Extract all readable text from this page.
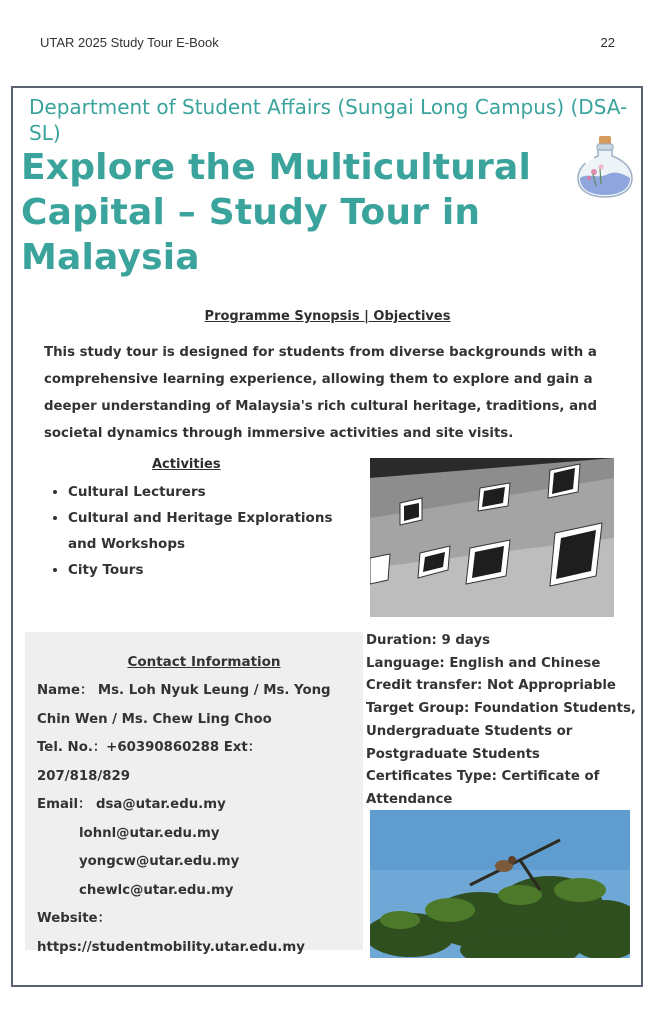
UTAR 2025 Study Tour E-Book	22
Department of Student Affairs (Sungai Long Campus) (DSA-SL)
Explore the Multicultural Capital – Study Tour in Malaysia
Programme Synopsis | Objectives
This study tour is designed for students from diverse backgrounds with a comprehensive learning experience, allowing them to explore and gain a deeper understanding of Malaysia's rich cultural heritage, traditions, and societal dynamics through immersive activities and site visits.
Activities
• Cultural Lecturers
• Cultural and Heritage Explorations and Workshops
• City Tours
Contact Information
Name： Ms. Loh Nyuk Leung / Ms. Yong Chin Wen / Ms. Chew Ling Choo
Tel. No.：+60390860288 Ext： 207/818/829
Email： dsa@utar.edu.my
lohnl@utar.edu.my
yongcw@utar.edu.my
chewlc@utar.edu.my
Website：
https://studentmobility.utar.edu.my
Duration: 9 days
Language: English and Chinese
Credit transfer: Not Appropriable
Target Group: Foundation Students, Undergraduate Students or Postgraduate Students
Certificates Type: Certificate of Attendance
